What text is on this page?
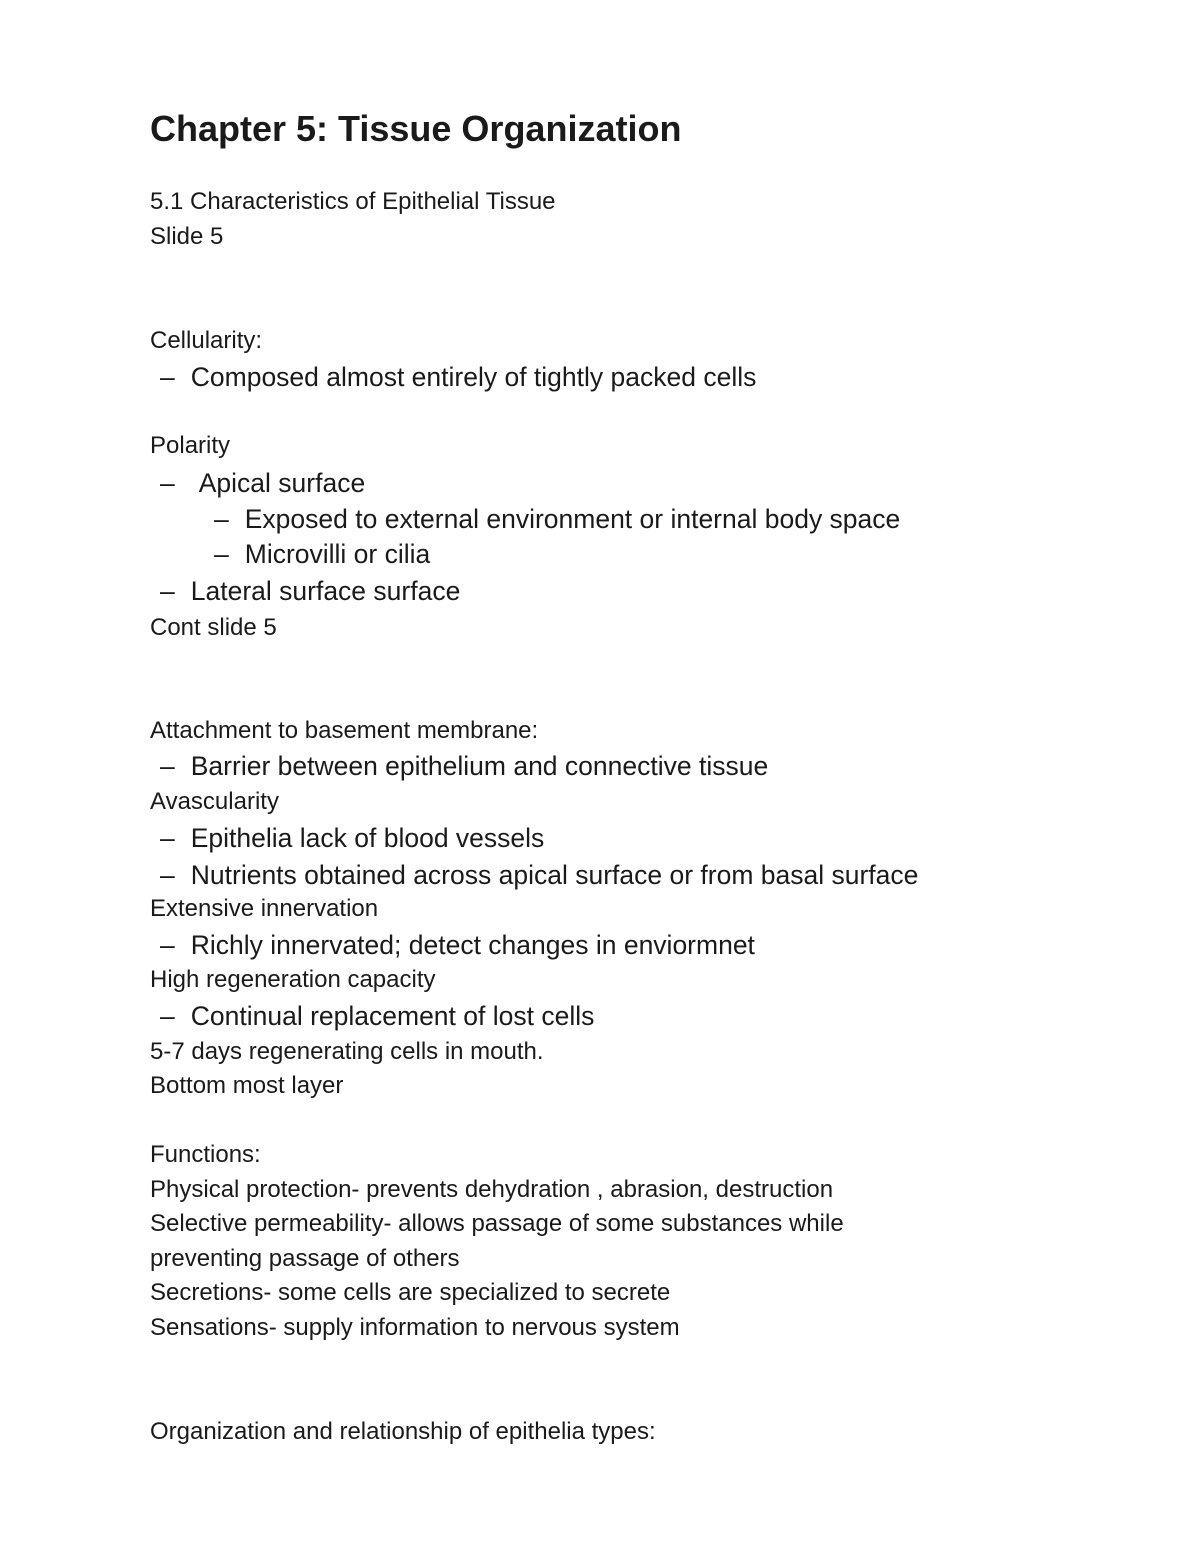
Chapter 5: Tissue Organization
5.1 Characteristics of Epithelial Tissue
Slide 5
Cellularity:
– Composed almost entirely of tightly packed cells
Polarity
– Apical surface
– Exposed to external environment or internal body space
– Microvilli or cilia
– Lateral surface surface
Cont slide 5
Attachment to basement membrane:
– Barrier between epithelium and connective tissue
Avascularity
– Epithelia lack of blood vessels
– Nutrients obtained across apical surface or from basal surface
Extensive innervation
– Richly innervated; detect changes in enviormnet
High regeneration capacity
– Continual replacement of lost cells
5-7 days regenerating cells in mouth.
Bottom most layer
Functions:
Physical protection- prevents dehydration , abrasion, destruction
Selective permeability- allows passage of some substances while
preventing passage of others
Secretions- some cells are specialized to secrete
Sensations- supply information to nervous system
Organization and relationship of epithelia types:
